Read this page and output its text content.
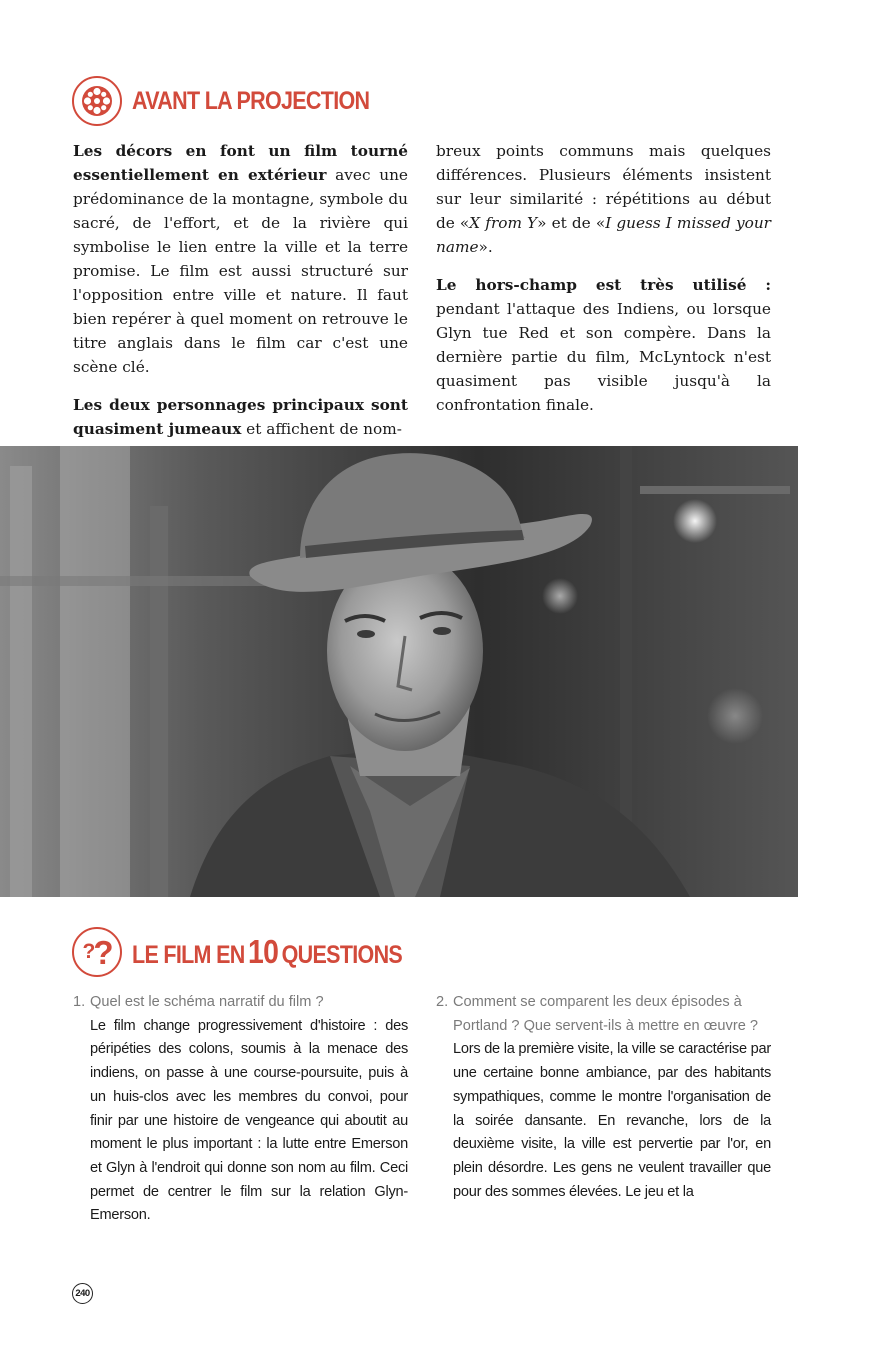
AVANT LA PROJECTION

Les décors en font un film tourné essentiellement en extérieur avec une prédominance de la montagne, symbole du sacré, de l'effort, et de la rivière qui symbolise le lien entre la ville et la terre promise. Le film est aussi structuré sur l'opposition entre ville et nature. Il faut bien repérer à quel moment on retrouve le titre anglais dans le film car c'est une scène clé.

Les deux personnages principaux sont quasiment jumeaux et affichent de nom-

breux points communs mais quelques différences. Plusieurs éléments insistent sur leur similarité : répétitions au début de «X from Y» et de «I guess I missed your name».

Le hors-champ est très utilisé : pendant l'attaque des Indiens, ou lorsque Glyn tue Red et son compère. Dans la dernière partie du film, McLyntock n'est quasiment pas visible jusqu'à la confrontation finale.

? ? LE FILM EN 10 QUESTIONS
1. Quel est le schéma narratif du film ?
Le film change progressivement d'histoire : des péripéties des colons, soumis à la menace des indiens, on passe à une course-poursuite, puis à un huis-clos avec les membres du convoi, pour finir par une histoire de vengeance qui aboutit au moment le plus important : la lutte entre Emerson et Glyn à l'endroit qui donne son nom au film. Ceci permet de centrer le film sur la relation Glyn-Emerson.
2. Comment se comparent les deux épisodes à Portland ? Que servent-ils à mettre en œuvre ?
Lors de la première visite, la ville se caractérise par une certaine bonne ambiance, par des habitants sympathiques, comme le montre l'organisation de la soirée dansante. En revanche, lors de la deuxième visite, la ville est pervertie par l'or, en plein désordre. Les gens ne veulent travailler que pour des sommes élevées. Le jeu et la
240
